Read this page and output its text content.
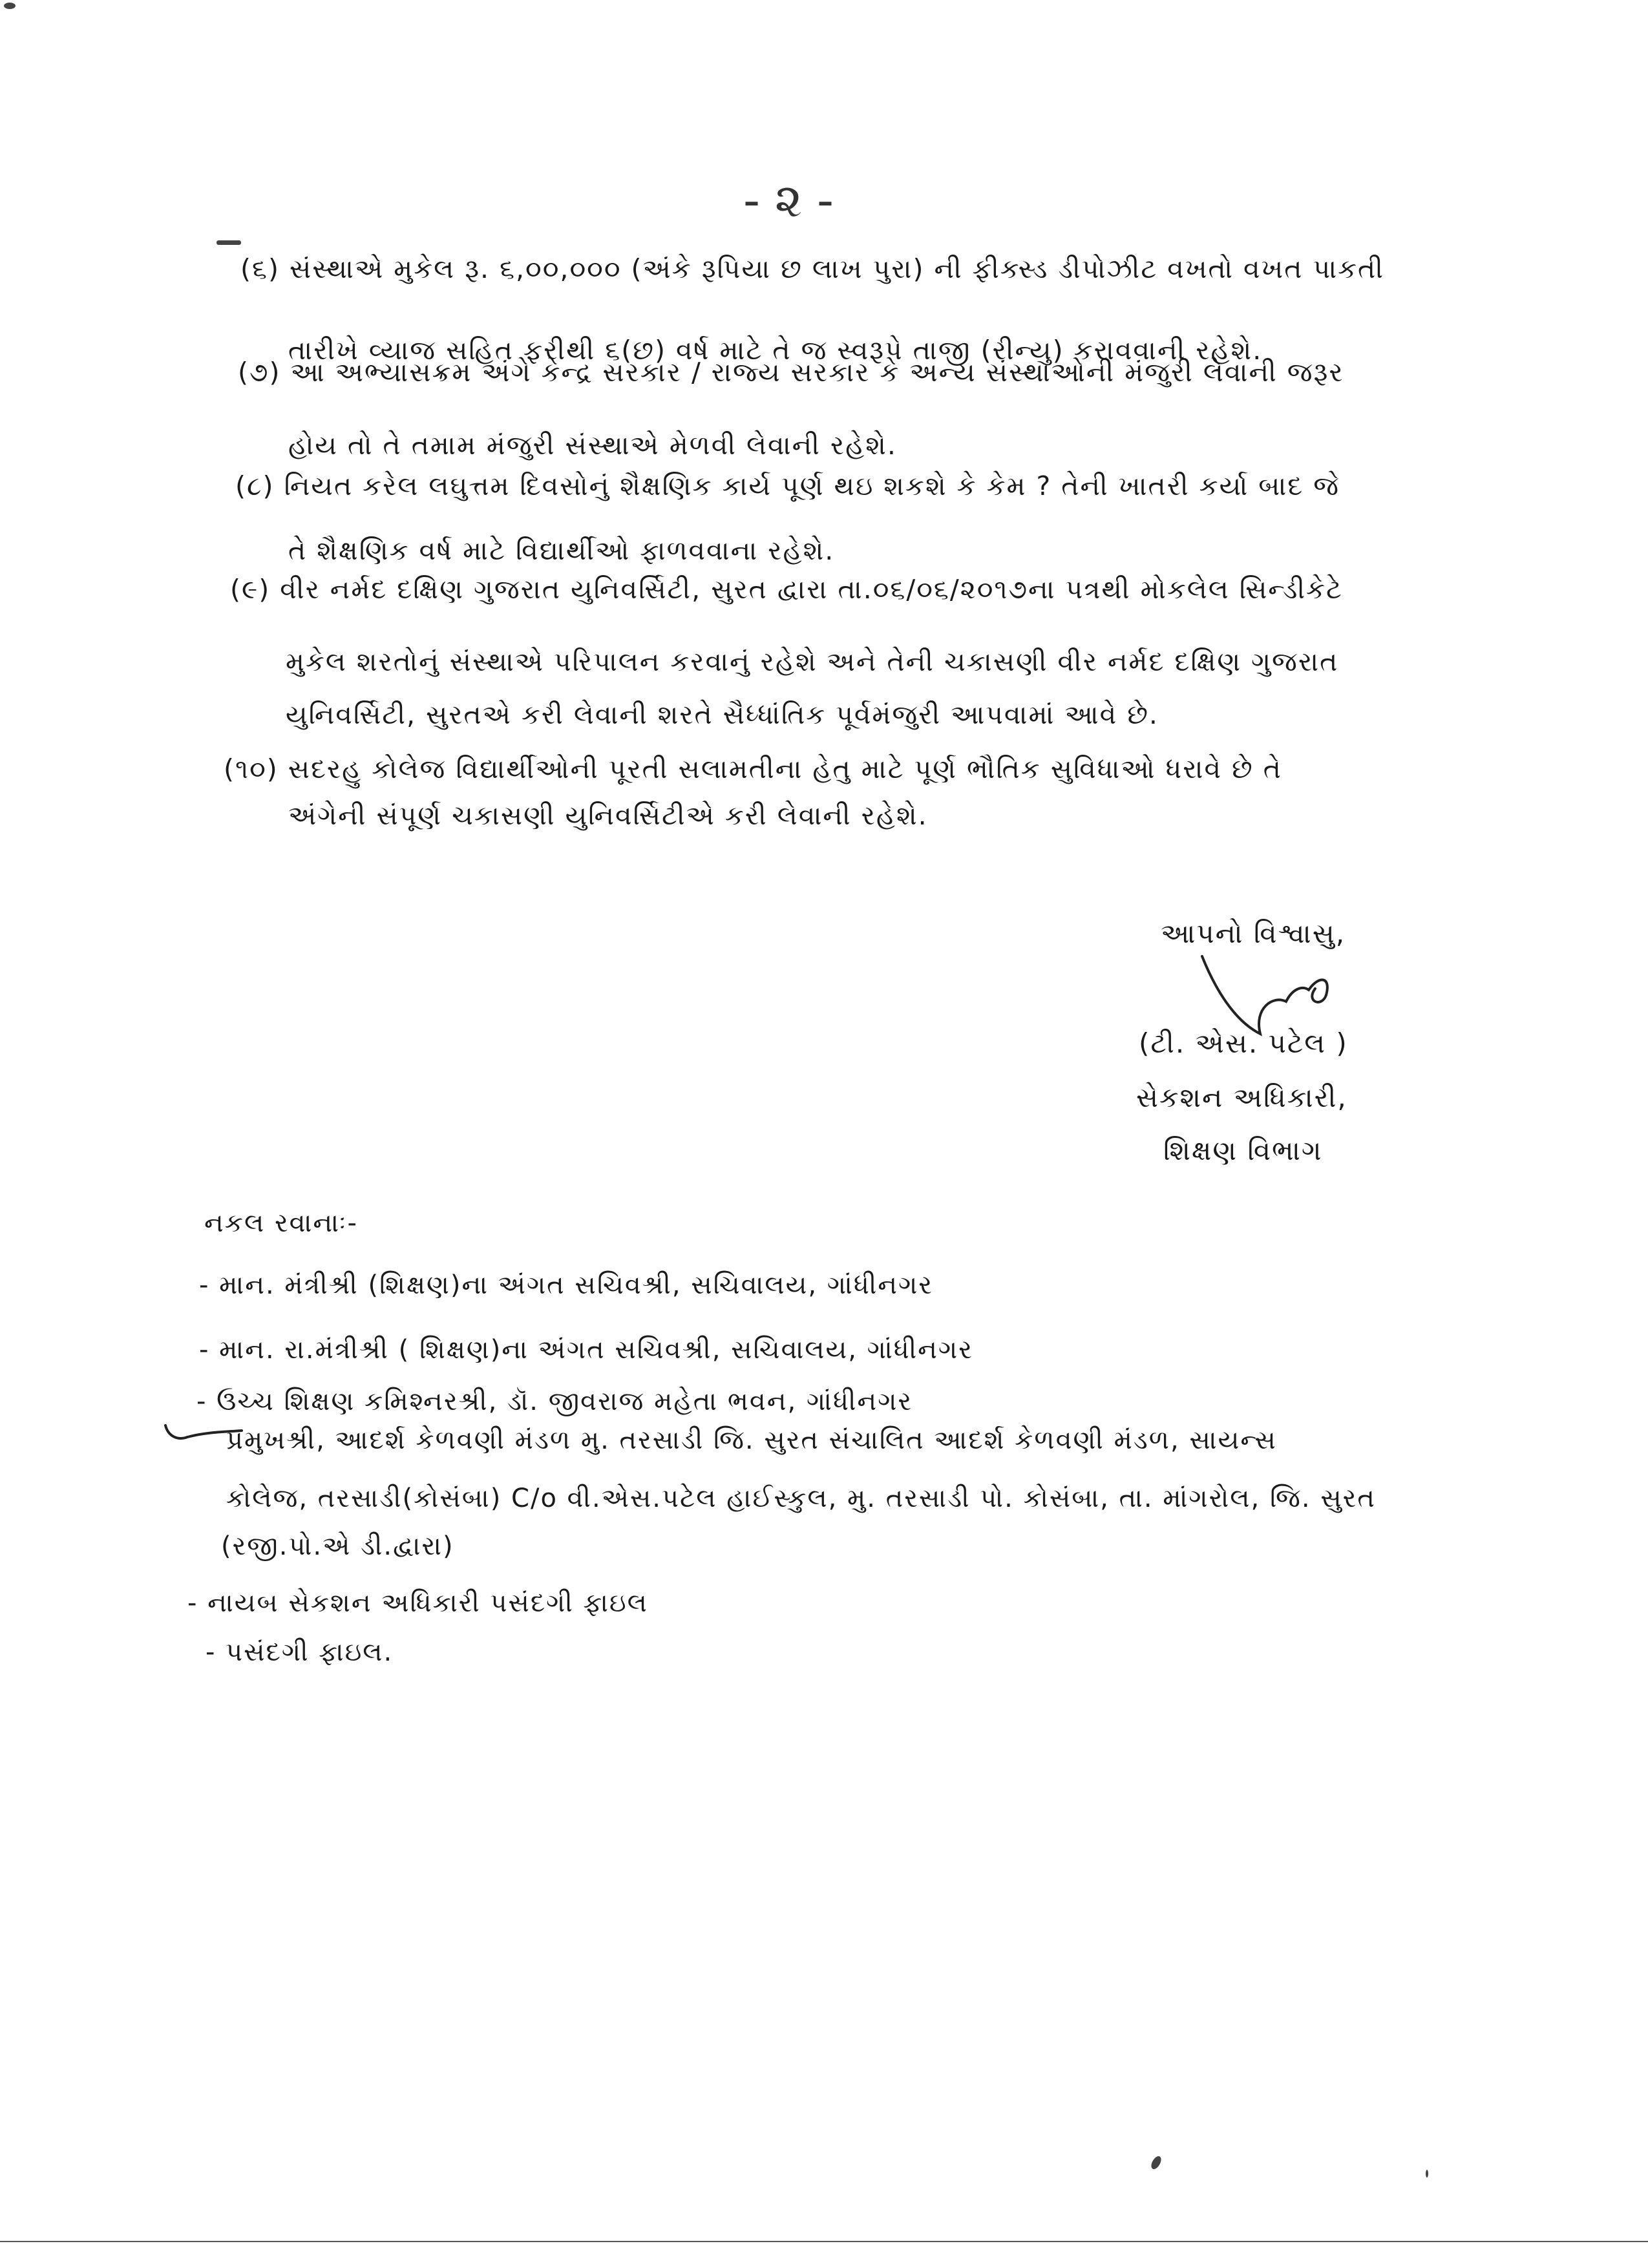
- ૨ -
(૬) સંસ્થાએ મુકેલ રૂ. ૬,૦૦,૦૦૦ (અંકે રૂપિયા છ લાખ પુરા) ની ફીક્સ્ડ ડીપોઝીટ વખતો વખત પાકતી
તારીખે વ્યાજ સહિત ફરીથી ૬(છ) વર્ષ માટે તે જ સ્વરૂપે તાજી (રીન્યુ) કરાવવાની રહેશે.
(૭) આ અભ્યાસક્રમ અંગે કેન્દ્ર સરકાર / રાજ્ય સરકાર કે અન્ય સંસ્થાઓની મંજુરી લેવાની જરૂર
હોય તો તે તમામ મંજુરી સંસ્થાએ મેળવી લેવાની રહેશે.
(૮) નિયત કરેલ લઘુત્તમ દિવસોનું શૈક્ષણિક કાર્ય પૂર્ણ થઇ શકશે કે કેમ ? તેની ખાતરી કર્યા બાદ જે
તે શૈક્ષણિક વર્ષ માટે વિદ્યાર્થીઓ ફાળવવાના રહેશે.
(૯) વીર નર્મદ દક્ષિણ ગુજરાત યુનિવર્સિટી, સુરત દ્વારા તા.૦૬/૦૬/૨૦૧૭ના પત્રથી મોકલેલ સિન્ડીકેટે
મુકેલ શરતોનું સંસ્થાએ પરિપાલન કરવાનું રહેશે અને તેની ચકાસણી વીર નર્મદ દક્ષિણ ગુજરાત
યુનિવર્સિટી, સુરતએ કરી લેવાની શરતે સૈધ્ધાંતિક પૂર્વમંજુરી આપવામાં આવે છે.
(૧૦) સદરહુ કોલેજ વિદ્યાર્થીઓની પૂરતી સલામતીના હેતુ માટે પૂર્ણ ભૌતિક સુવિધાઓ ધરાવે છે તે
અંગેની સંપૂર્ણ ચકાસણી યુનિવર્સિટીએ કરી લેવાની રહેશે.
આપનો વિશ્વાસુ,
(ટી. એસ. પટેલ )
સેકશન અધિકારી,
શિક્ષણ વિભાગ
નકલ રવાનાઃ-
- માન. મંત્રીશ્રી (શિક્ષણ)ના અંગત સચિવશ્રી, સચિવાલય, ગાંધીનગર
- માન. રા.મંત્રીશ્રી ( શિક્ષણ)ના અંગત સચિવશ્રી, સચિવાલય, ગાંધીનગર
- ઉચ્ચ શિક્ષણ કમિશ્નરશ્રી, ડૉ. જીવરાજ મહેતા ભવન, ગાંધીનગર
પ્રમુખશ્રી, આદર્શ કેળવણી મંડળ મુ. તરસાડી જિ. સુરત સંચાલિત આદર્શ કેળવણી મંડળ, સાયન્સ
કોલેજ, તરસાડી(કોસંબા) C/o વી.એસ.પટેલ હાઈસ્કુલ, મુ. તરસાડી પો. કોસંબા, તા. માંગરોલ, જિ. સુરત
(રજી.પો.એ ડી.દ્વારા)
- નાયબ સેકશન અધિકારી પસંદગી ફાઇલ
- પસંદગી ફાઇલ.
